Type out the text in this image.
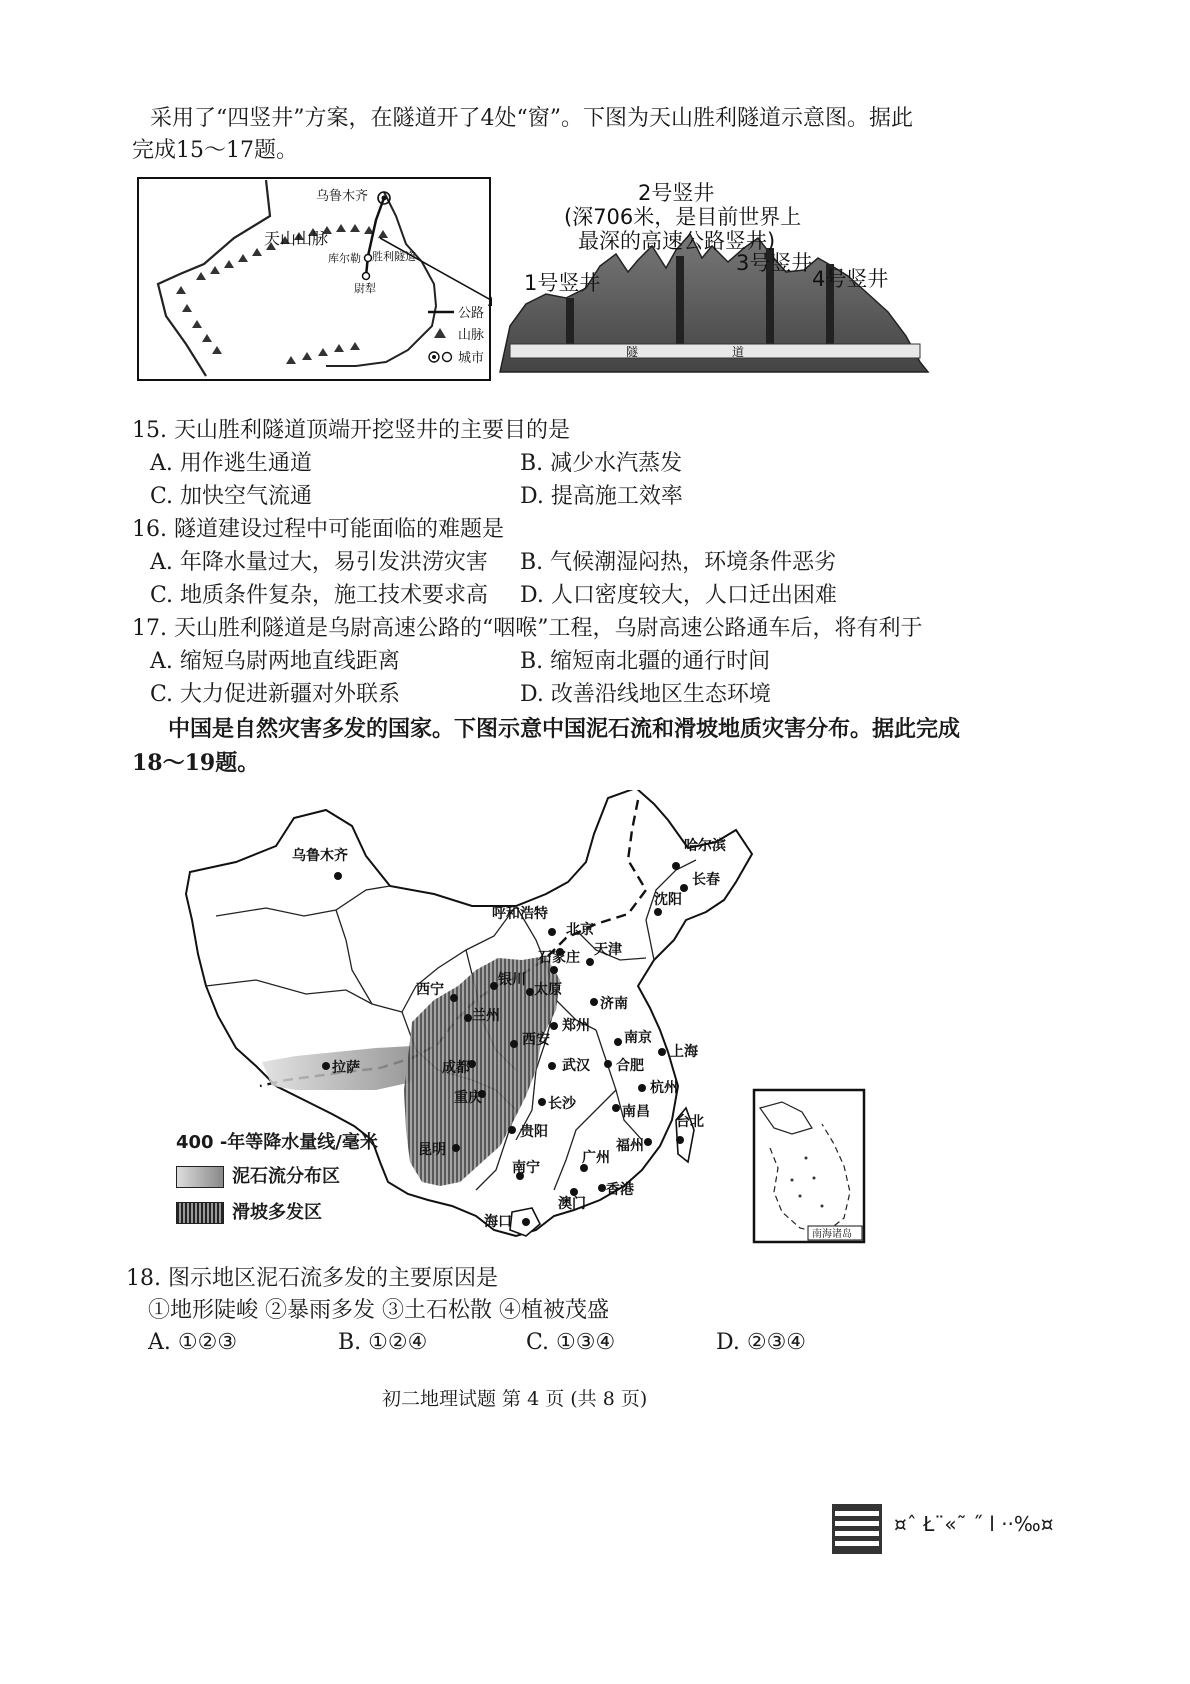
采用了“四竖井”方案，在隧道开了4处“窗”。下图为天山胜利隧道示意图。据此
完成15～17题。
乌鲁木齐
天山山脉
库尔勒 胜利隧道
尉犁
公路
山脉
城市
2号竖井
(深706米，是目前世界上
最深的高速公路竖井)
1号竖井
3号竖井
4号竖井
隧	道
15. 天山胜利隧道顶端开挖竖井的主要目的是
A. 用作逃生通道	B. 减少水汽蒸发
C. 加快空气流通	D. 提高施工效率
16. 隧道建设过程中可能面临的难题是
A. 年降水量过大，易引发洪涝灾害 B. 气候潮湿闷热，环境条件恶劣
C. 地质条件复杂，施工技术要求高 D. 人口密度较大，人口迁出困难
17. 天山胜利隧道是乌尉高速公路的“咽喉”工程，乌尉高速公路通车后，将有利于
A. 缩短乌尉两地直线距离	B. 缩短南北疆的通行时间
C. 大力促进新疆对外联系	D. 改善沿线地区生态环境
中国是自然灾害多发的国家。下图示意中国泥石流和滑坡地质灾害分布。据此完成
18～19题。
乌鲁木齐
哈尔滨
长春
沈阳
呼和浩特
北京
天津
石家庄
太原
银川
西宁
兰州
济南
郑州
西安	南京
上海
合肥
武汉
成都
拉萨
重庆
杭州
长沙	南昌
贵阳
福州
台北
昆明
南宁
广州
香港
澳门
海口
南海诸岛
400 -年等降水量线/毫米
泥石流分布区
滑坡多发区
18. 图示地区泥石流多发的主要原因是
①地形陡峻 ②暴雨多发 ③土石松散 ④植被茂盛
A. ①②③	B. ①②④	C. ①③④	D. ②③④
初二地理试题 第 4 页 (共 8 页)
¤ˆ Ł¨«˜ ˝ l ··‰¤
